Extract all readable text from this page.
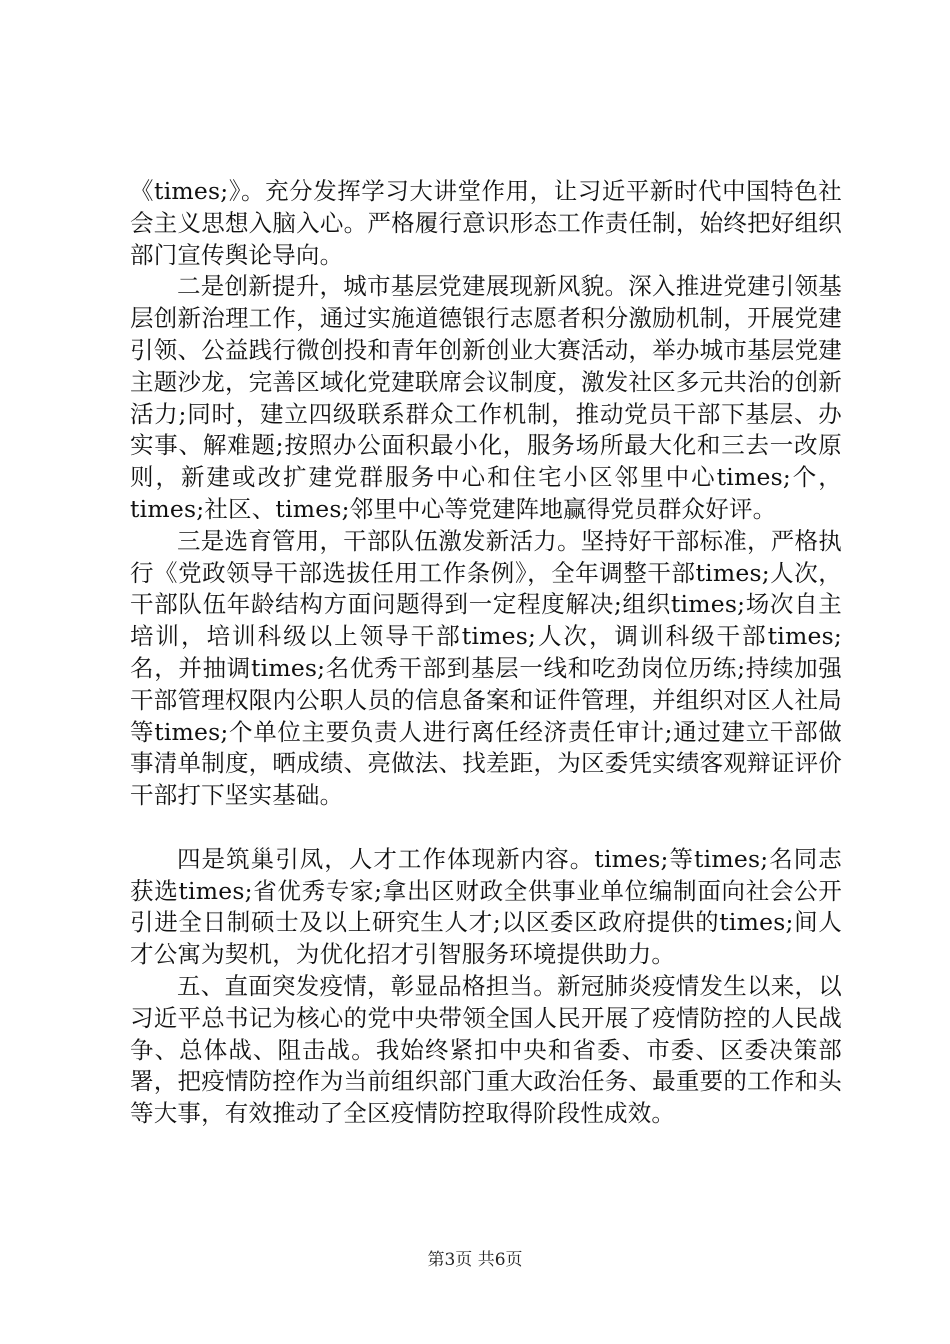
《times;》。充分发挥学习大讲堂作用，让习近平新时代中国特色社会主义思想入脑入心。严格履行意识形态工作责任制，始终把好组织部门宣传舆论导向。

二是创新提升，城市基层党建展现新风貌。深入推进党建引领基层创新治理工作，通过实施道德银行志愿者积分激励机制，开展党建引领、公益践行微创投和青年创新创业大赛活动，举办城市基层党建主题沙龙，完善区域化党建联席会议制度，激发社区多元共治的创新活力;同时，建立四级联系群众工作机制，推动党员干部下基层、办实事、解难题;按照办公面积最小化，服务场所最大化和三去一改原则，新建或改扩建党群服务中心和住宅小区邻里中心times;个，times;社区、times;邻里中心等党建阵地赢得党员群众好评。

三是选育管用，干部队伍激发新活力。坚持好干部标准，严格执行《党政领导干部选拔任用工作条例》，全年调整干部times;人次，干部队伍年龄结构方面问题得到一定程度解决;组织times;场次自主培训，培训科级以上领导干部times;人次，调训科级干部times;名，并抽调times;名优秀干部到基层一线和吃劲岗位历练;持续加强干部管理权限内公职人员的信息备案和证件管理，并组织对区人社局等times;个单位主要负责人进行离任经济责任审计;通过建立干部做事清单制度，晒成绩、亮做法、找差距，为区委凭实绩客观辩证评价干部打下坚实基础。

四是筑巢引凤，人才工作体现新内容。times;等times;名同志获选times;省优秀专家;拿出区财政全供事业单位编制面向社会公开引进全日制硕士及以上研究生人才;以区委区政府提供的times;间人才公寓为契机，为优化招才引智服务环境提供助力。

五、直面突发疫情，彰显品格担当。新冠肺炎疫情发生以来，以习近平总书记为核心的党中央带领全国人民开展了疫情防控的人民战争、总体战、阻击战。我始终紧扣中央和省委、市委、区委决策部署，把疫情防控作为当前组织部门重大政治任务、最重要的工作和头等大事，有效推动了全区疫情防控取得阶段性成效。

第3页 共6页
